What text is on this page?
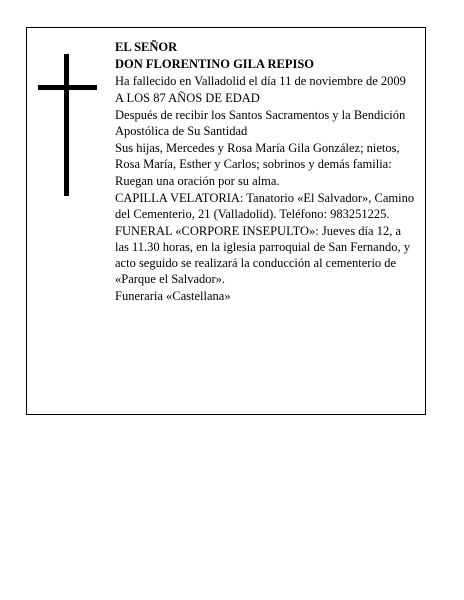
EL SEÑOR

DON FLORENTINO GILA REPISO

Ha fallecido en Valladolid el día 11 de noviembre de 2009

A LOS 87 AÑOS DE EDAD

Después de recibir los Santos Sacramentos y la Bendición Apostólica de Su Santidad

Sus hijas, Mercedes y Rosa María Gila González; nietos, Rosa María, Esther y Carlos; sobrinos y demás familia:

Ruegan una oración por su alma.

CAPILLA VELATORIA: Tanatorio «El Salvador», Camino del Cementerio, 21 (Valladolid). Teléfono: 983251225.

FUNERAL «CORPORE INSEPULTO»: Jueves día 12, a las 11.30 horas, en la iglesia parroquial de San Fernando, y acto seguido se realizará la conducción al cementerio de «Parque el Salvador».

Funeraria «Castellana»
